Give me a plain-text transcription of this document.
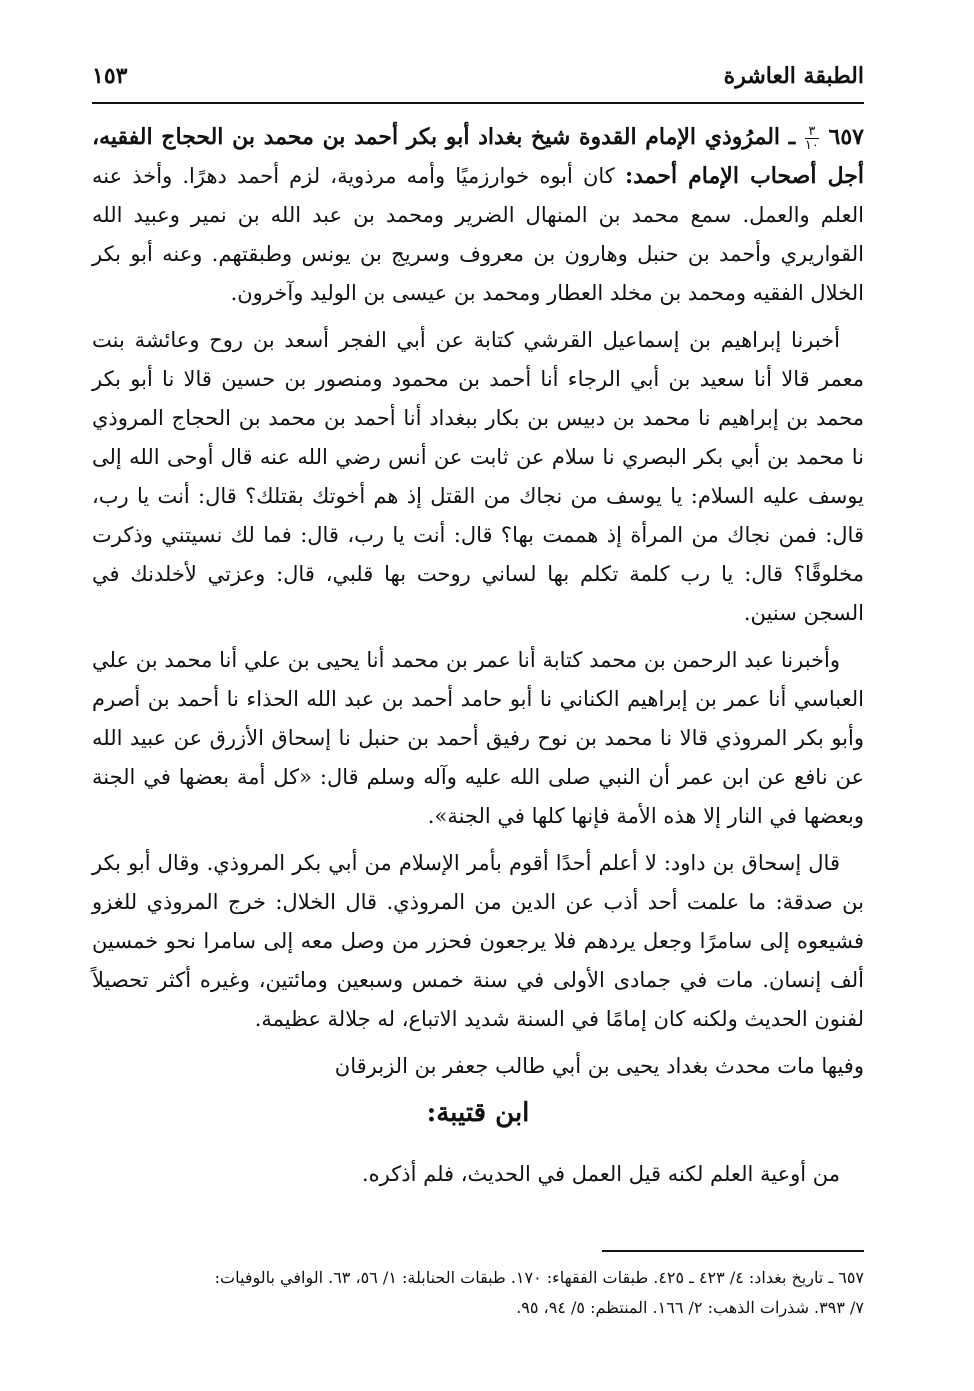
الطبقة العاشرة
١٥٣

٦٥٧
$\frac{٣}{١٠}$
ـ المرُوذي الإمام القدوة شيخ بغداد أبو بكر أحمد بن محمد بن الحجاج الفقيه، أجل أصحاب الإمام أحمد: كان أبوه خوارزميًا وأمه مرذوية، لزم أحمد دهرًا. وأخذ عنه العلم والعمل. سمع محمد بن المنهال الضرير ومحمد بن عبد الله بن نمير وعبيد الله القواريري وأحمد بن حنبل وهارون بن معروف وسريج بن يونس وطبقتهم. وعنه أبو بكر الخلال الفقيه ومحمد بن مخلد العطار ومحمد بن عيسى بن الوليد وآخرون.

أخبرنا إبراهيم بن إسماعيل القرشي كتابة عن أبي الفجر أسعد بن روح وعائشة بنت معمر قالا أنا سعيد بن أبي الرجاء أنا أحمد بن محمود ومنصور بن حسين قالا نا أبو بكر محمد بن إبراهيم نا محمد بن دبيس بن بكار ببغداد أنا أحمد بن محمد بن الحجاج المروذي نا محمد بن أبي بكر البصري نا سلام عن ثابت عن أنس رضي الله عنه قال أوحى الله إلى يوسف عليه السلام: يا يوسف من نجاك من القتل إذ هم أخوتك بقتلك؟ قال: أنت يا رب، قال: فمن نجاك من المرأة إذ هممت بها؟ قال: أنت يا رب، قال: فما لك نسيتني وذكرت مخلوقًا؟ قال: يا رب كلمة تكلم بها لساني روحت بها قلبي، قال: وعزتي لأخلدنك في السجن سنين.

وأخبرنا عبد الرحمن بن محمد كتابة أنا عمر بن محمد أنا يحيى بن علي أنا محمد بن علي العباسي أنا عمر بن إبراهيم الكناني نا أبو حامد أحمد بن عبد الله الحذاء نا أحمد بن أصرم وأبو بكر المروذي قالا نا محمد بن نوح رفيق أحمد بن حنبل نا إسحاق الأزرق عن عبيد الله عن نافع عن ابن عمر أن النبي صلى الله عليه وآله وسلم قال: «كل أمة بعضها في الجنة وبعضها في النار إلا هذه الأمة فإنها كلها في الجنة».

قال إسحاق بن داود: لا أعلم أحدًا أقوم بأمر الإسلام من أبي بكر المروذي. وقال أبو بكر بن صدقة: ما علمت أحد أذب عن الدين من المروذي. قال الخلال: خرج المروذي للغزو فشيعوه إلى سامرًا وجعل يردهم فلا يرجعون فحزر من وصل معه إلى سامرا نحو خمسين ألف إنسان. مات في جمادى الأولى في سنة خمس وسبعين ومائتين، وغيره أكثر تحصيلاً لفنون الحديث ولكنه كان إمامًا في السنة شديد الاتباع، له جلالة عظيمة.

وفيها مات محدث بغداد يحيى بن أبي طالب جعفر بن الزبرقان

ابن قتيبة:

من أوعية العلم لكنه قيل العمل في الحديث، فلم أذكره.

٦٥٧ ـ تاريخ بغداد: ٤/ ٤٢٣ ـ ٤٢٥. طبقات الفقهاء: ١٧٠. طبقات الحنابلة: ١/ ٥٦، ٦٣. الوافي بالوفيات:

٧/ ٣٩٣. شذرات الذهب: ٢/ ١٦٦. المنتظم: ٥/ ٩٤، ٩٥.
